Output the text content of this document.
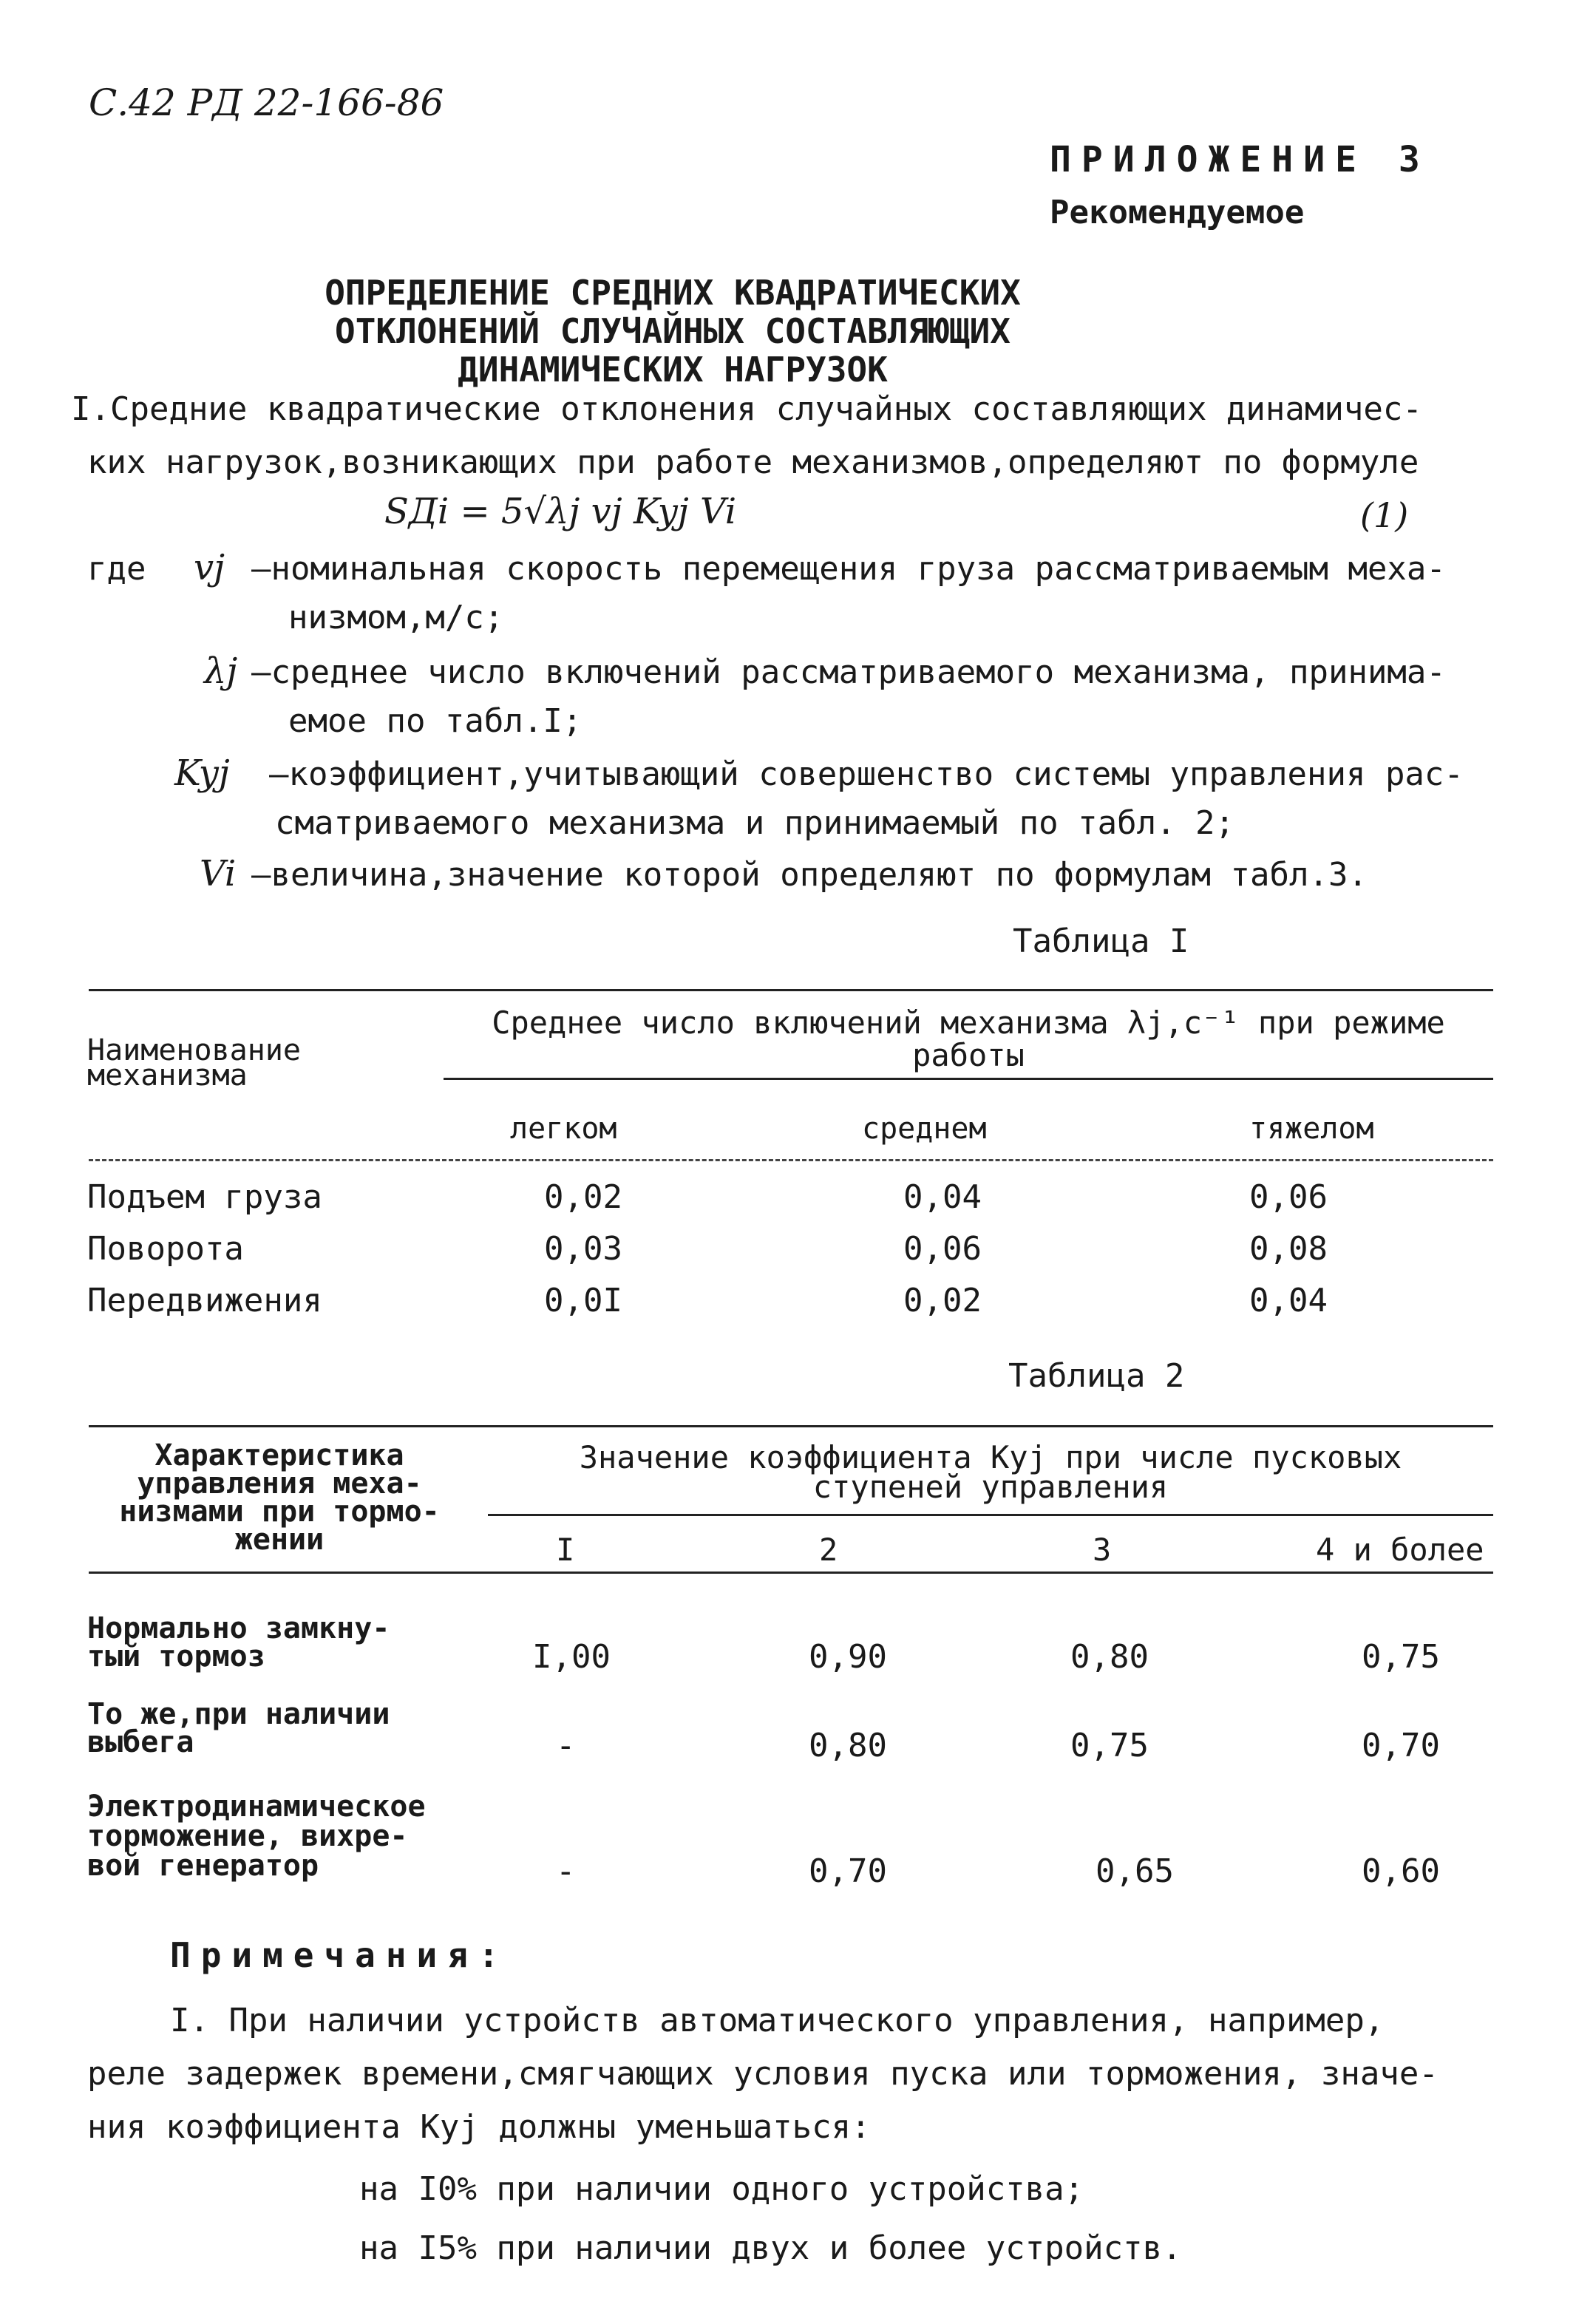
С.42 РД 22-166-86
ПРИЛОЖЕНИЕ 3
Рекомендуемое
ОПРЕДЕЛЕНИЕ СРЕДНИХ КВАДРАТИЧЕСКИХ
ОТКЛОНЕНИЙ СЛУЧАЙНЫХ СОСТАВЛЯЮЩИХ
ДИНАМИЧЕСКИХ НАГРУЗОК
I.Средние квадратические отклонения случайных составляющих динамичес-
ких нагрузок,возникающих при работе механизмов,определяют по формуле
SДi = 5√λj vj Kyj Vi	(1)
где vj –номинальная скорость перемещения груза рассматриваемым меха-
низмом,м/с;
λj –среднее число включений рассматриваемого механизма, принима-
емое по табл.I;
Kyj –коэффициент,учитывающий совершенство системы управления рас-
сматриваемого механизма и принимаемый по табл. 2;
Vi –величина,значение которой определяют по формулам табл.3.
Таблица I
Наименование
механизма
Среднее число включений механизма λj,c⁻¹ при режиме
работы
легком	среднем	тяжелом
Подъем груза	0,02	0,04	0,06
Поворота	0,03	0,06	0,08
Передвижения	0,0I	0,02	0,04
Таблица 2
Характеристика
управления меха-
низмами при тормо-
жении
Значение коэффициента Kyj при числе пусковых
ступеней управления
I	2	3	4 и более
Нормально замкну-
тый тормоз	I,00	0,90	0,80	0,75
То же,при наличии
выбега	-	0,80	0,75	0,70
Электродинамическое
торможение, вихре-
вой генератор	-	0,70	0,65	0,60
Примечания:
I. При наличии устройств автоматического управления, например,
реле задержек времени,смягчающих условия пуска или торможения, значе-
ния коэффициента Kyj должны уменьшаться:
на I0% при наличии одного устройства;
на I5% при наличии двух и более устройств.
